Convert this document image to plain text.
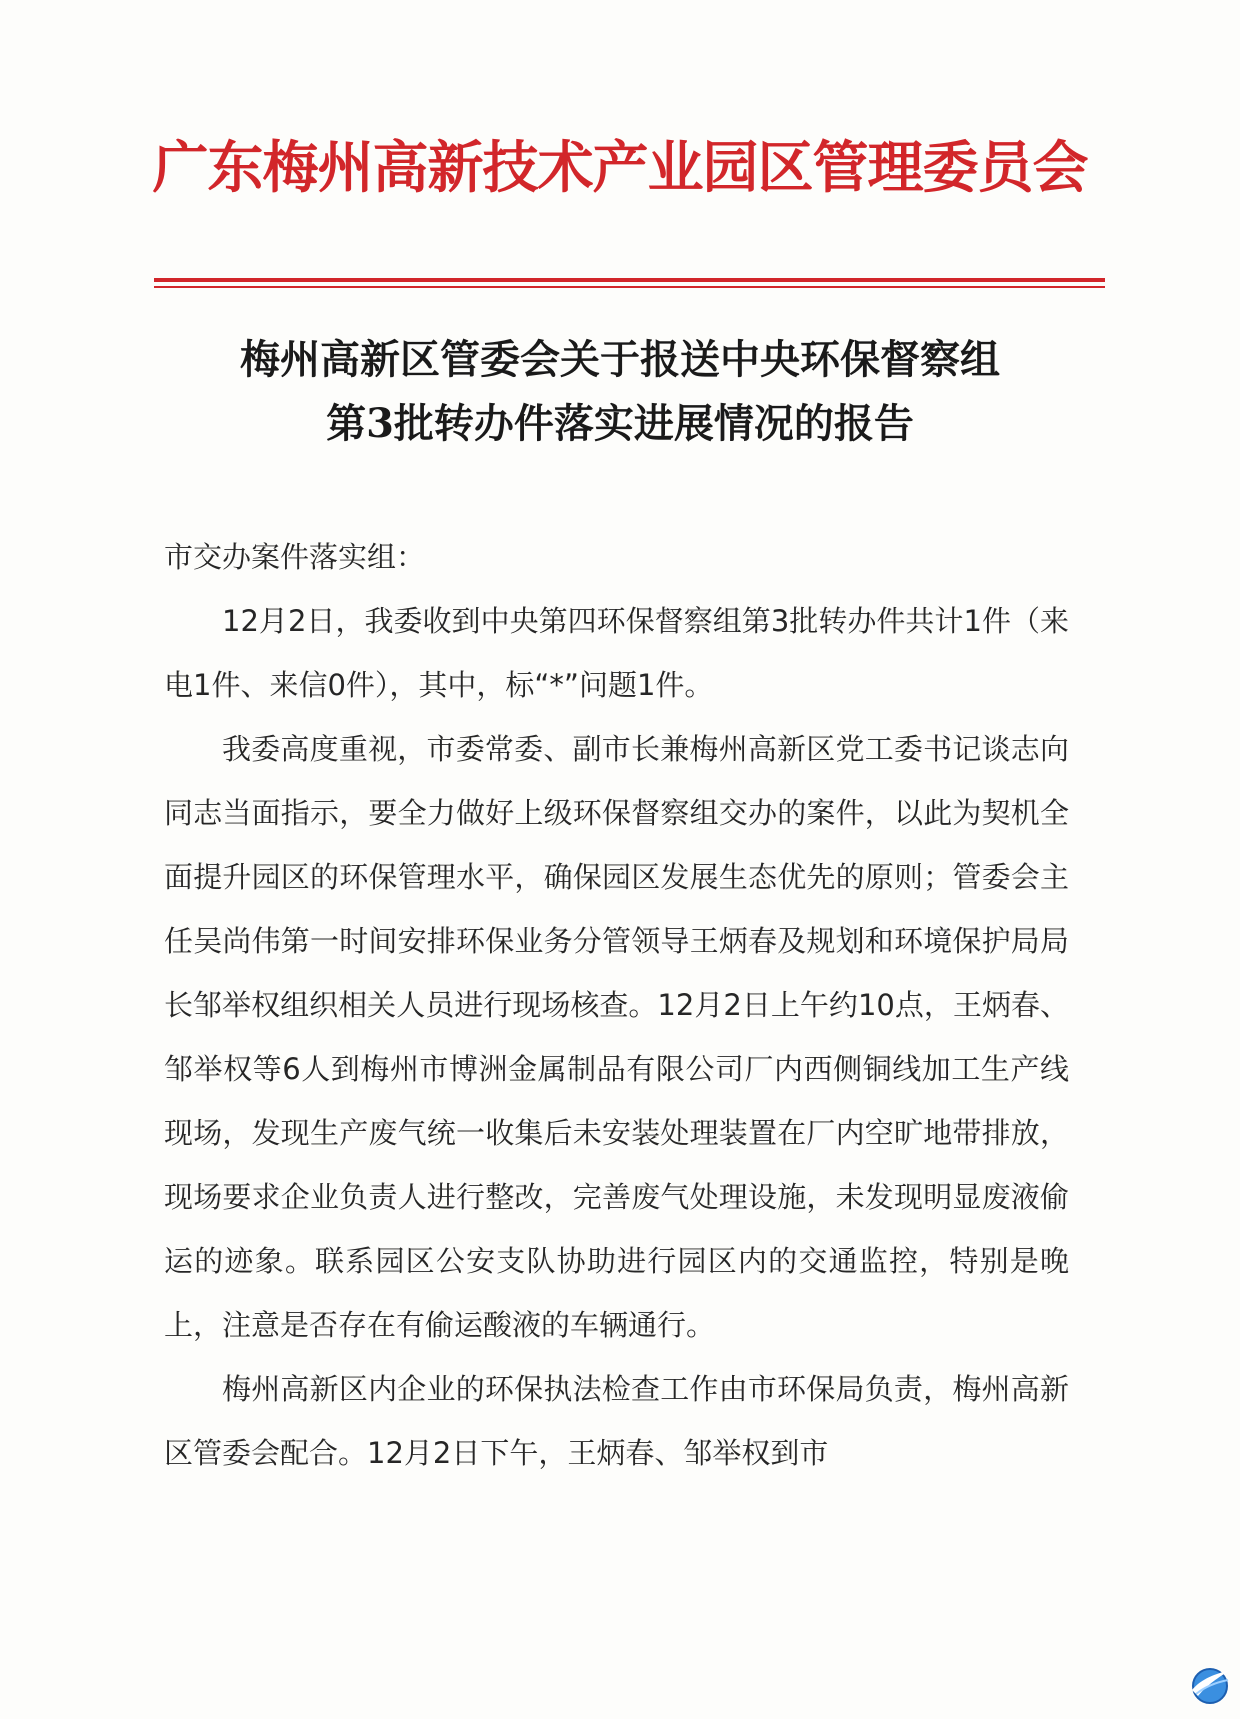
广东梅州高新技术产业园区管理委员会
梅州高新区管委会关于报送中央环保督察组
第3批转办件落实进展情况的报告

市交办案件落实组：

12月2日，我委收到中央第四环保督察组第3批转办件共计1件（来电1件、来信0件），其中，标“*”问题1件。

我委高度重视，市委常委、副市长兼梅州高新区党工委书记谈志向同志当面指示，要全力做好上级环保督察组交办的案件，以此为契机全面提升园区的环保管理水平，确保园区发展生态优先的原则；管委会主任吴尚伟第一时间安排环保业务分管领导王炳春及规划和环境保护局局长邹举权组织相关人员进行现场核查。12月2日上午约10点，王炳春、邹举权等6人到梅州市博洲金属制品有限公司厂内西侧铜线加工生产线现场，发现生产废气统一收集后未安装处理装置在厂内空旷地带排放，现场要求企业负责人进行整改，完善废气处理设施，未发现明显废液偷运的迹象。联系园区公安支队协助进行园区内的交通监控，特别是晚上，注意是否存在有偷运酸液的车辆通行。

梅州高新区内企业的环保执法检查工作由市环保局负责，梅州高新区管委会配合。12月2日下午，王炳春、邹举权到市
